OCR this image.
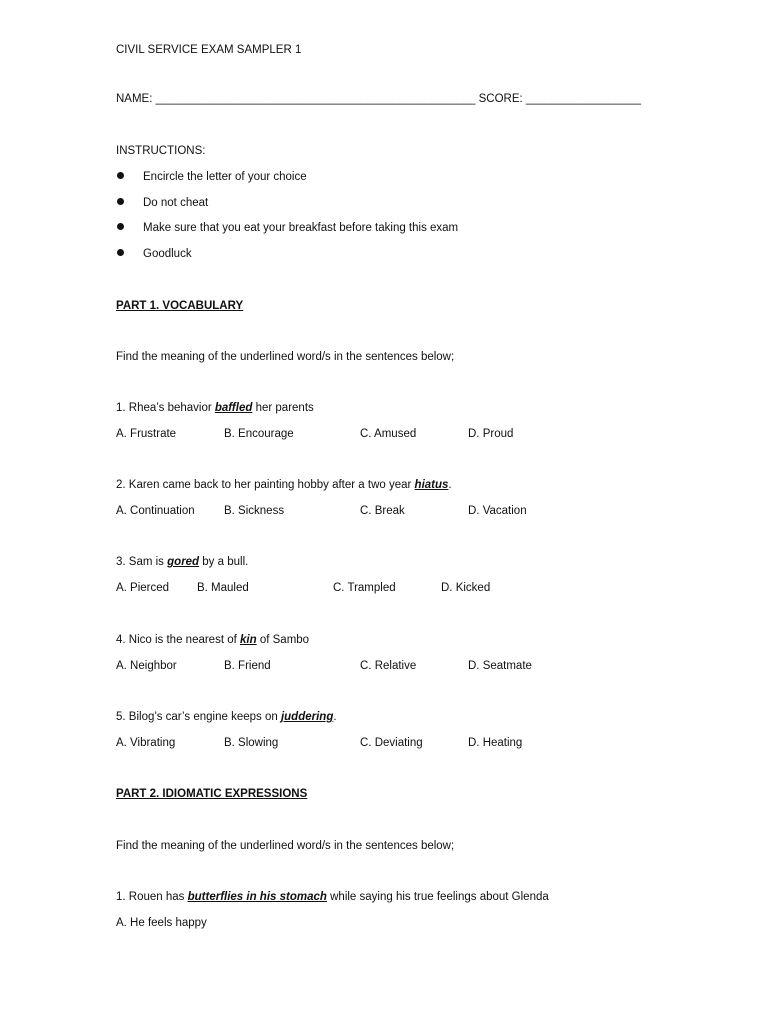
CIVIL SERVICE EXAM SAMPLER 1
NAME: __________________________________________________ SCORE: __________________
INSTRUCTIONS:
Encircle the letter of your choice
Do not cheat
Make sure that you eat your breakfast before taking this exam
Goodluck
PART 1. VOCABULARY
Find the meaning of the underlined word/s in the sentences below;
1. Rhea’s behavior baffled her parents
A. Frustrate	B. Encourage	C. Amused	D. Proud
2. Karen came back to her painting hobby after a two year hiatus.
A. Continuation	B. Sickness	C. Break	D. Vacation
3. Sam is gored by a bull.
A. Pierced B. Mauled	C. Trampled	D. Kicked
4. Nico is the nearest of kin of Sambo
A. Neighbor	B. Friend	C. Relative	D. Seatmate
5. Bilog’s car’s engine keeps on juddering.
A. Vibrating	B. Slowing	C. Deviating	D. Heating
PART 2. IDIOMATIC EXPRESSIONS
Find the meaning of the underlined word/s in the sentences below;
1. Rouen has butterflies in his stomach while saying his true feelings about Glenda
A. He feels happy
